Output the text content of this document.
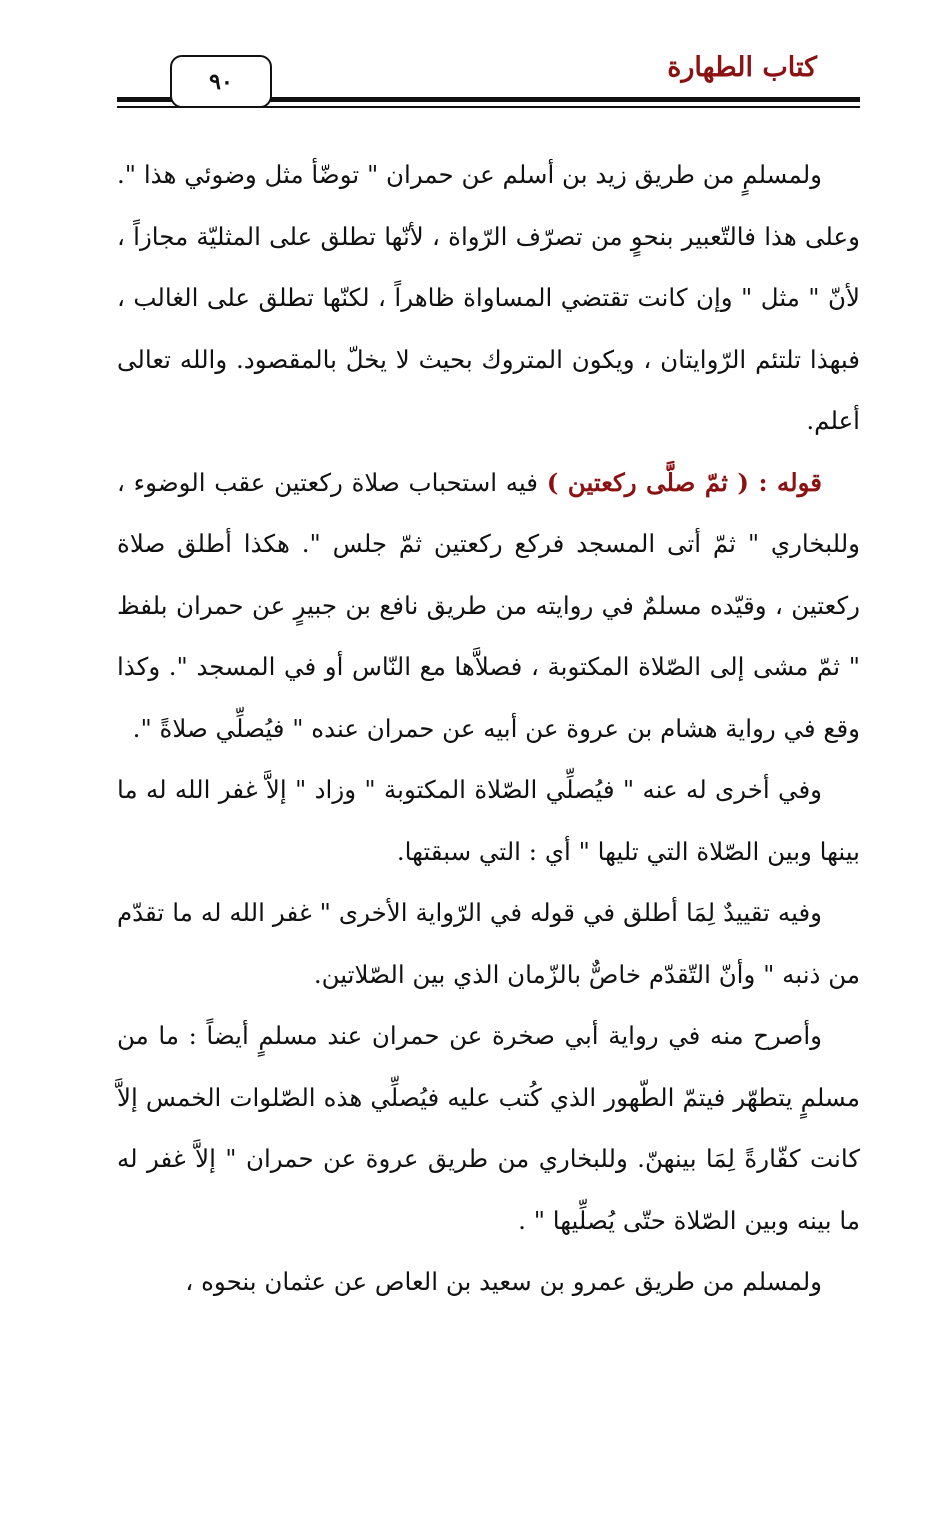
كتاب الطهارة
٩٠

ولمسلمٍ من طريق زيد بن أسلم عن حمران " توضّأ مثل وضوئي هذا ". وعلى هذا فالتّعبير بنحوٍ من تصرّف الرّواة ، لأنّها تطلق على المثليّة مجازاً ، لأنّ " مثل " وإن كانت تقتضي المساواة ظاهراً ، لكنّها تطلق على الغالب ، فبهذا تلتئم الرّوايتان ، ويكون المتروك بحيث لا يخلّ بالمقصود. والله تعالى أعلم.

قوله : ( ثمّ صلَّى ركعتين ) فيه استحباب صلاة ركعتين عقب الوضوء ، وللبخاري " ثمّ أتى المسجد فركع ركعتين ثمّ جلس ". هكذا أطلق صلاة ركعتين ، وقيّده مسلمٌ في روايته من طريق نافع بن جبيرٍ عن حمران بلفظ " ثمّ مشى إلى الصّلاة المكتوبة ، فصلاَّها مع النّاس أو في المسجد ". وكذا وقع في رواية هشام بن عروة عن أبيه عن حمران عنده " فيُصلِّي صلاةً ".

وفي أخرى له عنه " فيُصلِّي الصّلاة المكتوبة " وزاد " إلاَّ غفر الله له ما بينها وبين الصّلاة التي تليها " أي : التي سبقتها.

وفيه تقييدٌ لِمَا أطلق في قوله في الرّواية الأخرى " غفر الله له ما تقدّم من ذنبه " وأنّ التّقدّم خاصٌّ بالزّمان الذي بين الصّلاتين.

وأصرح منه في رواية أبي صخرة عن حمران عند مسلمٍ أيضاً : ما من مسلمٍ يتطهّر فيتمّ الطّهور الذي كُتب عليه فيُصلِّي هذه الصّلوات الخمس إلاَّ كانت كفّارةً لِمَا بينهنّ. وللبخاري من طريق عروة عن حمران " إلاَّ غفر له ما بينه وبين الصّلاة حتّى يُصلِّيها " .

ولمسلم من طريق عمرو بن سعيد بن العاص عن عثمان بنحوه ،
